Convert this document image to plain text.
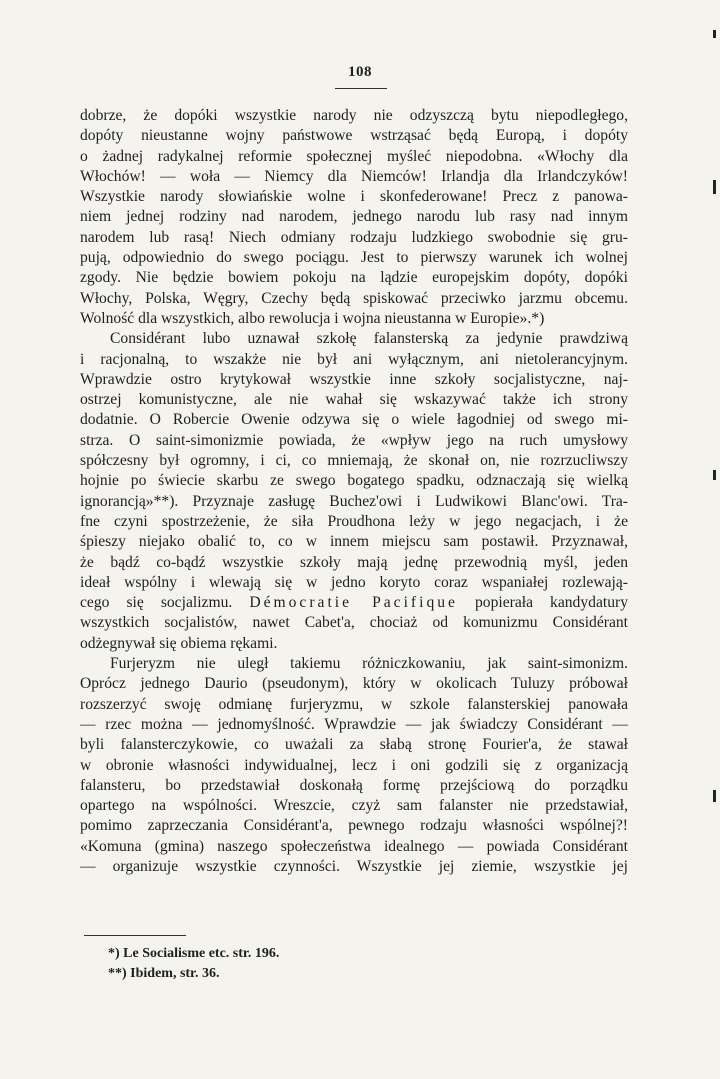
108
dobrze, że dopóki wszystkie narody nie odzyszczą bytu niepodległego,
dopóty nieustanne wojny państwowe wstrząsać będą Europą, i dopóty
o żadnej radykalnej reformie społecznej myśleć niepodobna. «Włochy dla
Włochów! — woła — Niemcy dla Niemców! Irlandja dla Irlandczyków!
Wszystkie narody słowiańskie wolne i skonfederowane! Precz z panowa-
niem jednej rodziny nad narodem, jednego narodu lub rasy nad innym
narodem lub rasą! Niech odmiany rodzaju ludzkiego swobodnie się gru-
pują, odpowiednio do swego pociągu. Jest to pierwszy warunek ich wolnej
zgody. Nie będzie bowiem pokoju na lądzie europejskim dopóty, dopóki
Włochy, Polska, Węgry, Czechy będą spiskować przeciwko jarzmu obcemu.
Wolność dla wszystkich, albo rewolucja i wojna nieustanna w Europie».*)
Considérant lubo uznawał szkołę falansterską za jedynie prawdziwą
i racjonalną, to wszakże nie był ani wyłącznym, ani nietolerancyjnym.
Wprawdzie ostro krytykował wszystkie inne szkoły socjalistyczne, naj-
ostrzej komunistyczne, ale nie wahał się wskazywać także ich strony
dodatnie. O Robercie Owenie odzywa się o wiele łagodniej od swego mi-
strza. O saint-simonizmie powiada, że «wpływ jego na ruch umysłowy
spółczesny był ogromny, i ci, co mniemają, że skonał on, nie rozrzucliwszy
hojnie po świecie skarbu ze swego bogatego spadku, odznaczają się wielką
ignorancją»**). Przyznaje zasługę Buchez'owi i Ludwikowi Blanc'owi. Tra-
fne czyni spostrzeżenie, że siła Proudhona leży w jego negacjach, i że
śpieszy niejako obalić to, co w innem miejscu sam postawił. Przyznawał,
że bądź co-bądź wszystkie szkoły mają jednę przewodnią myśl, jeden
ideał wspólny i wlewają się w jedno koryto coraz wspaniałej rozlewają-
cego się socjalizmu. Démocratie Pacifique popierała kandydatury
wszystkich socjalistów, nawet Cabet'a, chociaż od komunizmu Considérant
odżegnywał się obiema rękami.
Furjeryzm nie uległ takiemu różniczkowaniu, jak saint-simonizm.
Oprócz jednego Daurio (pseudonym), który w okolicach Tuluzy próbował
rozszerzyć swoję odmianę furjeryzmu, w szkole falansterskiej panowała
— rzec można — jednomyślność. Wprawdzie — jak świadczy Considérant —
byli falansterczykowie, co uważali za słabą stronę Fourier'a, że stawał
w obronie własności indywidualnej, lecz i oni godzili się z organizacją
falansteru, bo przedstawiał doskonałą formę przejściową do porządku
opartego na wspólności. Wreszcie, czyż sam falanster nie przedstawiał,
pomimo zaprzeczania Considérant'a, pewnego rodzaju własności wspólnej?!
«Komuna (gmina) naszego społeczeństwa idealnego — powiada Considérant
— organizuje wszystkie czynności. Wszystkie jej ziemie, wszystkie jej
*) Le Socialisme etc. str. 196.
**) Ibidem, str. 36.
